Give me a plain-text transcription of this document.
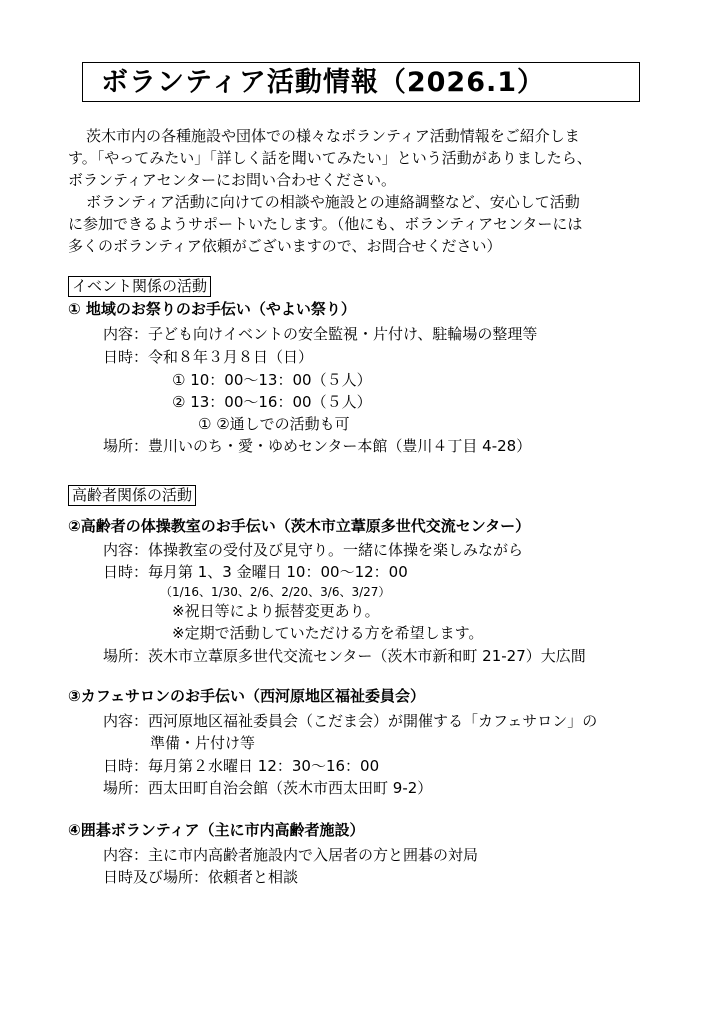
ボランティア活動情報（2026.1）
茨木市内の各種施設や団体での様々なボランティア活動情報をご紹介しま
す。「やってみたい」「詳しく話を聞いてみたい」という活動がありましたら、
ボランティアセンターにお問い合わせください。
ボランティア活動に向けての相談や施設との連絡調整など、安心して活動
に参加できるようサポートいたします。（他にも、ボランティアセンターには
多くのボランティア依頼がございますので、お問合せください）
イベント関係の活動
① 地域のお祭りのお手伝い（やよい祭り）
内容：子ども向けイベントの安全監視・片付け、駐輪場の整理等
日時：令和８年３月８日（日）
① 10：00～13：00（５人）
② 13：00～16：00（５人）
① ②通しでの活動も可
場所：豊川いのち・愛・ゆめセンター本館（豊川４丁目 4-28）
高齢者関係の活動
②高齢者の体操教室のお手伝い（茨木市立葦原多世代交流センター）
内容：体操教室の受付及び見守り。一緒に体操を楽しみながら
日時：毎月第 1、3 金曜日 10：00～12：00
（1/16、1/30、2/6、2/20、3/6、3/27）
※祝日等により振替変更あり。
※定期で活動していただける方を希望します。
場所：茨木市立葦原多世代交流センター（茨木市新和町 21-27）大広間
③カフェサロンのお手伝い（西河原地区福祉委員会）
内容：西河原地区福祉委員会（こだま会）が開催する「カフェサロン」の
準備・片付け等
日時：毎月第２水曜日 12：30～16：00
場所：西太田町自治会館（茨木市西太田町 9-2）
④囲碁ボランティア（主に市内高齢者施設）
内容：主に市内高齢者施設内で入居者の方と囲碁の対局
日時及び場所：依頼者と相談
